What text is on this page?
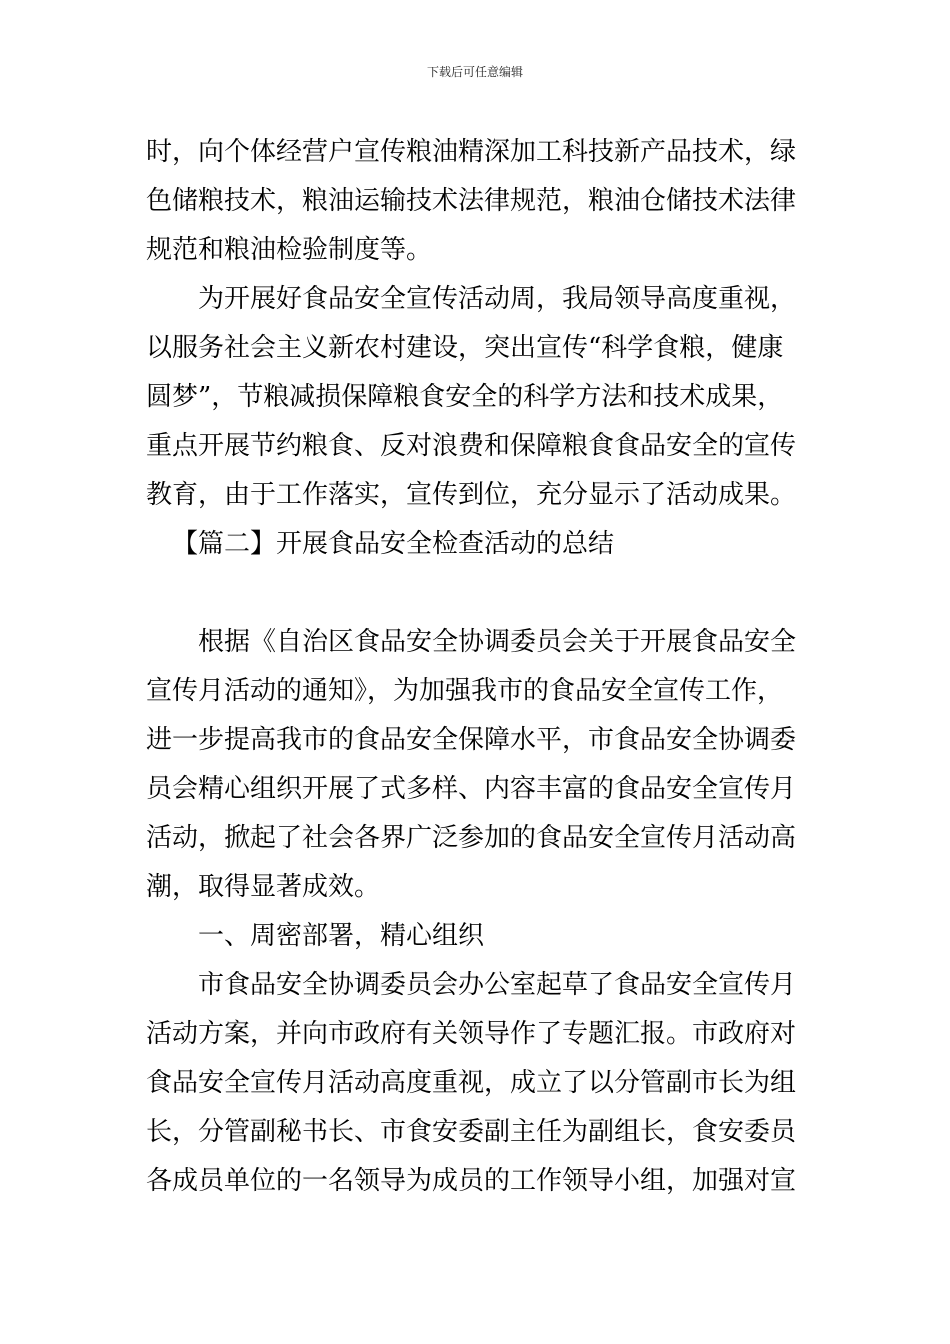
下载后可任意编辑
时，向个体经营户宣传粮油精深加工科技新产品技术，绿
色储粮技术，粮油运输技术法律规范，粮油仓储技术法律
规范和粮油检验制度等。
为开展好食品安全宣传活动周，我局领导高度重视，
以服务社会主义新农村建设，突出宣传“科学食粮，健康
圆梦”，节粮减损保障粮食安全的科学方法和技术成果，
重点开展节约粮食、反对浪费和保障粮食食品安全的宣传
教育，由于工作落实，宣传到位，充分显示了活动成果。
【篇二】开展食品安全检查活动的总结
根据《自治区食品安全协调委员会关于开展食品安全
宣传月活动的通知》，为加强我市的食品安全宣传工作，
进一步提高我市的食品安全保障水平，市食品安全协调委
员会精心组织开展了式多样、内容丰富的食品安全宣传月
活动，掀起了社会各界广泛参加的食品安全宣传月活动高
潮，取得显著成效。
一、周密部署，精心组织
市食品安全协调委员会办公室起草了食品安全宣传月
活动方案，并向市政府有关领导作了专题汇报。市政府对
食品安全宣传月活动高度重视，成立了以分管副市长为组
长，分管副秘书长、市食安委副主任为副组长，食安委员
各成员单位的一名领导为成员的工作领导小组，加强对宣
